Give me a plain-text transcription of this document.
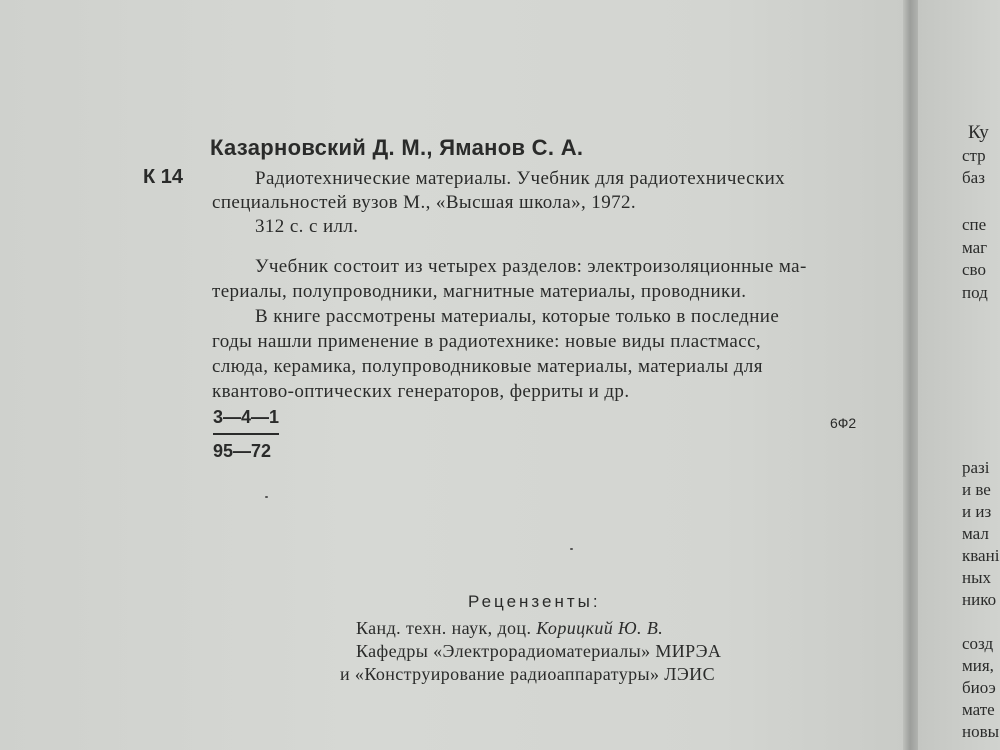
Казарновский Д. М., Яманов С. А.
К 14	Радиотехнические материалы. Учебник для радиотехнических
специальностей вузов М., «Высшая школа», 1972.
312 с. с илл.
Учебник состоит из четырех разделов: электроизоляционные ма-
териалы, полупроводники, магнитные материалы, проводники.
В книге рассмотрены материалы, которые только в последние
годы нашли применение в радиотехнике: новые виды пластмасс,
слюда, керамика, полупроводниковые материалы, материалы для
квантово-оптических генераторов, ферриты и др.
3—4—1
95—72
6Ф2
Рецензенты:
Канд. техн. наук, доц. Корицкий Ю. В.
Кафедры «Электрорадиоматериалы» МИРЭА
и «Конструирование радиоаппаратуры» ЛЭИС
Ку
стр
баз
спе
маг
сво
под
разі
и ве
и из
мал
квані
ных
нико
созд
мия,
биоэ
мате
новы
